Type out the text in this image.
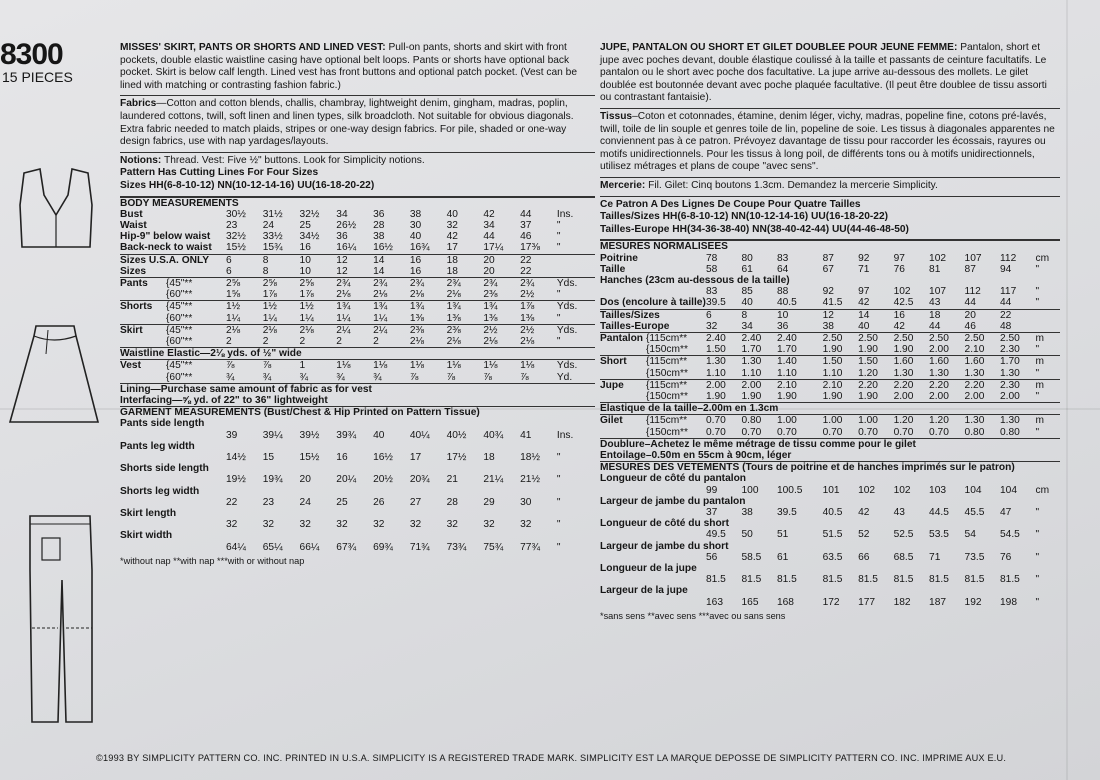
8300
15 PIECES
MISSES' SKIRT, PANTS OR SHORTS AND LINED VEST: Pull-on pants, shorts and skirt with front pockets, double elastic waistline casing have optional belt loops. Pants or shorts have optional back pocket. Skirt is below calf length. Lined vest has front buttons and optional patch pocket. (Vest can be lined with matching or contrasting fashion fabric.)
Fabrics—Cotton and cotton blends, challis, chambray, lightweight denim, gingham, madras, poplin, laundered cottons, twill, soft linen and linen types, silk broadcloth. Not suitable for obvious diagonals. Extra fabric needed to match plaids, stripes or one-way design fabrics. For pile, shaded or one-way design fabrics, use with nap yardages/layouts.
Notions: Thread. Vest: Five ½" buttons. Look for Simplicity notions.
Pattern Has Cutting Lines For Four Sizes
Sizes HH(6-8-10-12) NN(10-12-14-16) UU(16-18-20-22)
BODY MEASUREMENTS											
Bust		30½	31½	32½	34	36	38	40	42	44	Ins.
Waist		23	24	25	26½	28	30	32	34	37	"
Hip-9" below waist		32½	33½	34½	36	38	40	42	44	46	"
Back-neck to waist		15½	15¾	16	16¼	16½	16¾	17	17¼	17⅜	"
Sizes U.S.A. ONLY		6	8	10	12	14	16	18	20	22	
Sizes		6	8	10	12	14	16	18	20	22	
Pants	{45"**	2⅝	2⅝	2⅝	2¾	2¾	2¾	2¾	2¾	2¾	Yds.
	{60"**	1⅝	1⅞	1⅞	2⅛	2⅛	2⅛	2⅛	2⅜	2½	"
Shorts	{45"**	1½	1½	1½	1¾	1¾	1¾	1¾	1¾	1⅞	Yds.
	{60"**	1¼	1¼	1¼	1¼	1¼	1⅜	1⅜	1⅜	1⅜	"
Skirt	{45"**	2⅛	2⅛	2⅛	2¼	2¼	2⅜	2⅜	2½	2½	Yds.
	{60"**	2	2	2	2	2	2⅛	2⅛	2⅛	2⅛	"
Waistline Elastic—2⅛ yds. of ½" wide											
Vest	{45"**	⅞	⅞	1	1⅛	1⅛	1⅛	1⅛	1⅛	1⅛	Yds.
	{60"**	¾	¾	¾	¾	¾	⅞	⅞	⅞	⅞	Yd.
Lining—Purchase same amount of fabric as for vest											
Interfacing—⅝ yd. of 22" to 36" lightweight											
GARMENT MEASUREMENTS (Bust/Chest & Hip Printed on Pattern Tissue)											
Pants side length											
		39	39¼	39½	39¾	40	40¼	40½	40¾	41	Ins.
Pants leg width											
		14½	15	15½	16	16½	17	17½	18	18½	"
Shorts side length											
		19½	19¾	20	20¼	20½	20¾	21	21¼	21½	"
Shorts leg width											
		22	23	24	25	26	27	28	29	30	"
Skirt length											
		32	32	32	32	32	32	32	32	32	"
Skirt width											
		64¼	65¼	66¼	67¾	69¾	71¾	73¾	75¾	77¾	"
*without nap **with nap ***with or without nap
JUPE, PANTALON OU SHORT ET GILET DOUBLEE POUR JEUNE FEMME: Pantalon, short et jupe avec poches devant, double élastique coulissé à la taille et passants de ceinture facultatifs. Le pantalon ou le short avec poche dos facultative. La jupe arrive au-dessous des mollets. Le gilet doublée est boutonnée devant avec poche plaquée facultative. (Il peut être doublee de tissu assorti ou contrastant fantaisie).
Tissus–Coton et cotonnades, étamine, denim léger, vichy, madras, popeline fine, cotons pré-lavés, twill, toile de lin souple et genres toile de lin, popeline de soie. Les tissus à diagonales apparentes ne conviennent pas à ce patron. Prévoyez davantage de tissu pour raccorder les écossais, rayures ou motifs unidirectionnels. Pour les tissus à long poil, de différents tons ou à motifs unidirectionnels, utilisez métrages et plans de coupe "avec sens".
Mercerie: Fil. Gilet: Cinq boutons 1.3cm. Demandez la mercerie Simplicity.
Ce Patron A Des Lignes De Coupe Pour Quatre Tailles
Tailles/Sizes HH(6-8-10-12) NN(10-12-14-16) UU(16-18-20-22)
Tailles-Europe HH(34-36-38-40) NN(38-40-42-44) UU(44-46-48-50)
MESURES NORMALISEES											
Poitrine		78	80	83	87	92	97	102	107	112	cm
Taille		58	61	64	67	71	76	81	87	94	"
Hanches (23cm au-dessous de la taille)											
		83	85	88	92	97	102	107	112	117	"
Dos (encolure à taille)		39.5	40	40.5	41.5	42	42.5	43	44	44	"
Tailles/Sizes		6	8	10	12	14	16	18	20	22	
Tailles-Europe		32	34	36	38	40	42	44	46	48	
Pantalon	{115cm**	2.40	2.40	2.40	2.50	2.50	2.50	2.50	2.50	2.50	m
	{150cm**	1.50	1.70	1.70	1.90	1.90	1.90	2.00	2.10	2.30	"
Short	{115cm**	1.30	1.30	1.40	1.50	1.50	1.60	1.60	1.60	1.70	m
	{150cm**	1.10	1.10	1.10	1.10	1.20	1.30	1.30	1.30	1.30	"
Jupe	{115cm**	2.00	2.00	2.10	2.10	2.20	2.20	2.20	2.20	2.30	m
	{150cm**	1.90	1.90	1.90	1.90	1.90	2.00	2.00	2.00	2.00	"
Elastique de la taille–2.00m en 1.3cm											
Gilet	{115cm**	0.70	0.80	1.00	1.00	1.00	1.20	1.20	1.30	1.30	m
	{150cm**	0.70	0.70	0.70	0.70	0.70	0.70	0.70	0.80	0.80	"
Doublure–Achetez le même métrage de tissu comme pour le gilet											
Entoilage–0.50m en 55cm à 90cm, léger											
MESURES DES VETEMENTS (Tours de poitrine et de hanches imprimés sur le patron)											
Longueur de côté du pantalon											
		99	100	100.5	101	102	102	103	104	104	cm
Largeur de jambe du pantalon											
		37	38	39.5	40.5	42	43	44.5	45.5	47	"
Longueur de côté du short											
		49.5	50	51	51.5	52	52.5	53.5	54	54.5	"
Largeur de jambe du short											
		56	58.5	61	63.5	66	68.5	71	73.5	76	"
Longueur de la jupe											
		81.5	81.5	81.5	81.5	81.5	81.5	81.5	81.5	81.5	"
Largeur de la jupe											
		163	165	168	172	177	182	187	192	198	"
*sans sens **avec sens ***avec ou sans sens
©1993 BY SIMPLICITY PATTERN CO. INC. PRINTED IN U.S.A. SIMPLICITY IS A REGISTERED TRADE MARK. SIMPLICITY EST LA MARQUE DEPOSSE DE SIMPLICITY PATTERN CO. INC. IMPRIME AUX E.U.
